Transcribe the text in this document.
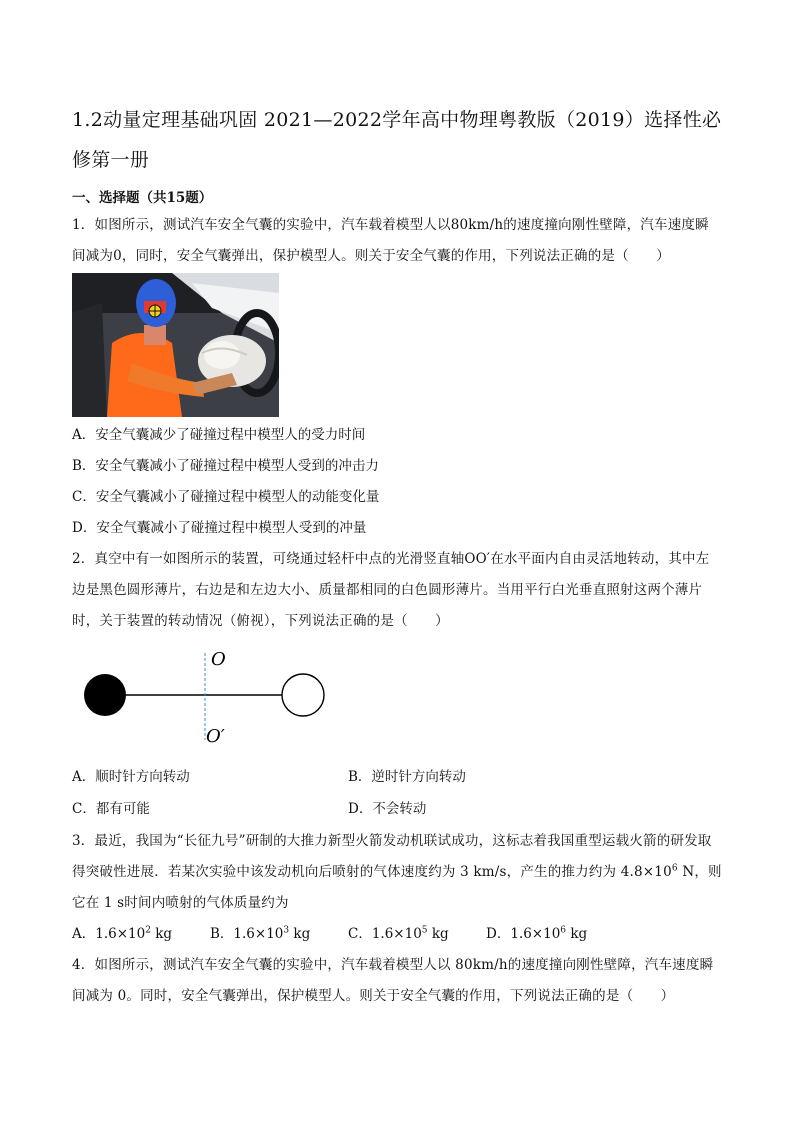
1.2动量定理基础巩固 2021—2022学年高中物理粤教版（2019）选择性必修第一册
一、选择题（共15题）
1．如图所示，测试汽车安全气囊的实验中，汽车载着模型人以80km/h的速度撞向刚性壁障，汽车速度瞬间减为0，同时，安全气囊弹出，保护模型人。则关于安全气囊的作用，下列说法正确的是（　　）
A．安全气囊减少了碰撞过程中模型人的受力时间
B．安全气囊减小了碰撞过程中模型人受到的冲击力
C．安全气囊减小了碰撞过程中模型人的动能变化量
D．安全气囊减小了碰撞过程中模型人受到的冲量
2．真空中有一如图所示的装置，可绕通过轻杆中点的光滑竖直轴OO′在水平面内自由灵活地转动，其中左边是黑色圆形薄片，右边是和左边大小、质量都相同的白色圆形薄片。当用平行白光垂直照射这两个薄片时，关于装置的转动情况（俯视），下列说法正确的是（　　）
O
O′
A．顺时针方向转动	B．逆时针方向转动
C．都有可能	D．不会转动
3．最近，我国为“长征九号”研制的大推力新型火箭发动机联试成功，这标志着我国重型运载火箭的研发取得突破性进展．若某次实验中该发动机向后喷射的气体速度约为 3 km/s，产生的推力约为 $4.8\times 10^6$ N，则它在 1 s时间内喷射的气体质量约为
A．$1.6\times 10^2$ kg	B．$1.6\times 10^3$ kg	C．$1.6\times 10^5$ kg	D．$1.6\times 10^6$ kg
4．如图所示，测试汽车安全气囊的实验中，汽车载着模型人以 80km/h的速度撞向刚性壁障，汽车速度瞬间减为 0。同时，安全气囊弹出，保护模型人。则关于安全气囊的作用，下列说法正确的是（　　）
